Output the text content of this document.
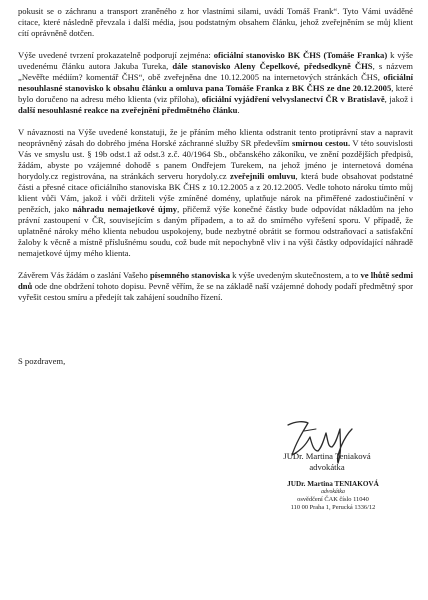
pokusit se o záchranu a transport zraněného z hor vlastními silami, uvádí Tomáš Frank“. Tyto Vámi uváděné citace, které následně převzala i další média, jsou podstatným obsahem článku, jehož zveřejněním se můj klient cítí oprávněně dotčen.

Výše uvedené tvrzení prokazatelně podporují zejména: oficiální stanovisko BK ČHS (Tomáše Franka) k výše uvedenému článku autora Jakuba Tureka, dále stanovisko Aleny Čepelkové, předsedkyně ČHS, s názvem „Nevěřte médiím? komentář ČHS“, obě zveřejněna dne 10.12.2005 na internetových stránkách ČHS, oficiální nesouhlasné stanovisko k obsahu článku a omluva pana Tomáše Franka z BK ČHS ze dne 20.12.2005, které bylo doručeno na adresu mého klienta (viz příloha), oficiální vyjádření velvyslanectví ČR v Bratislavě, jakož i další nesouhlasné reakce na zveřejnění předmětného článku.

V návaznosti na Výše uvedené konstatuji, že je přáním mého klienta odstranit tento protiprávní stav a napravit neoprávněný zásah do dobrého jména Horské záchranné služby SR především smírnou cestou. V této souvislosti Vás ve smyslu ust. § 19b odst.1 až odst.3 z.č. 40/1964 Sb., občanského zákoníku, ve znění pozdějších předpisů, žádám, abyste po vzájemné dohodě s panem Ondřejem Turekem, na jehož jméno je internetová doména horydoly.cz registrována, na stránkách serveru horydoly.cz zveřejnili omluvu, která bude obsahovat podstatné části a přesné citace oficiálního stanoviska BK ČHS z 10.12.2005 a z 20.12.2005. Vedle tohoto nároku tímto můj klient vůči Vám, jakož i vůči držiteli výše zmíněné domény, uplatňuje nárok na přiměřené zadostiučinění v penězích, jako náhradu nemajetkové újmy, přičemž výše konečné částky bude odpovídat nákladům na jeho právní zastoupení v ČR, souvisejícím s daným případem, a to až do smírného vyřešení sporu. V případě, že uplatněné nároky mého klienta nebudou uspokojeny, bude nezbytné obrátit se formou odstraňovací a satisfakční žaloby k věcně a místně příslušnému soudu, což bude mít nepochybně vliv i na výši částky odpovídající náhradě nemajetkové újmy mého klienta.

Závěrem Vás žádám o zaslání Vašeho písemného stanoviska k výše uvedeným skutečnostem, a to ve lhůtě sedmi dnů ode dne obdržení tohoto dopisu. Pevně věřím, že se na základě naší vzájemné dohody podaří předmětný spor vyřešit cestou smíru a předejít tak zahájení soudního řízení.

S pozdravem,
JUDr. Martina Teniaková
advokátka
JUDr. Martina TENIAKOVÁ
advokátka
osvědčení ČAK číslo 11040
110 00 Praha 1, Perucká 1336/12
